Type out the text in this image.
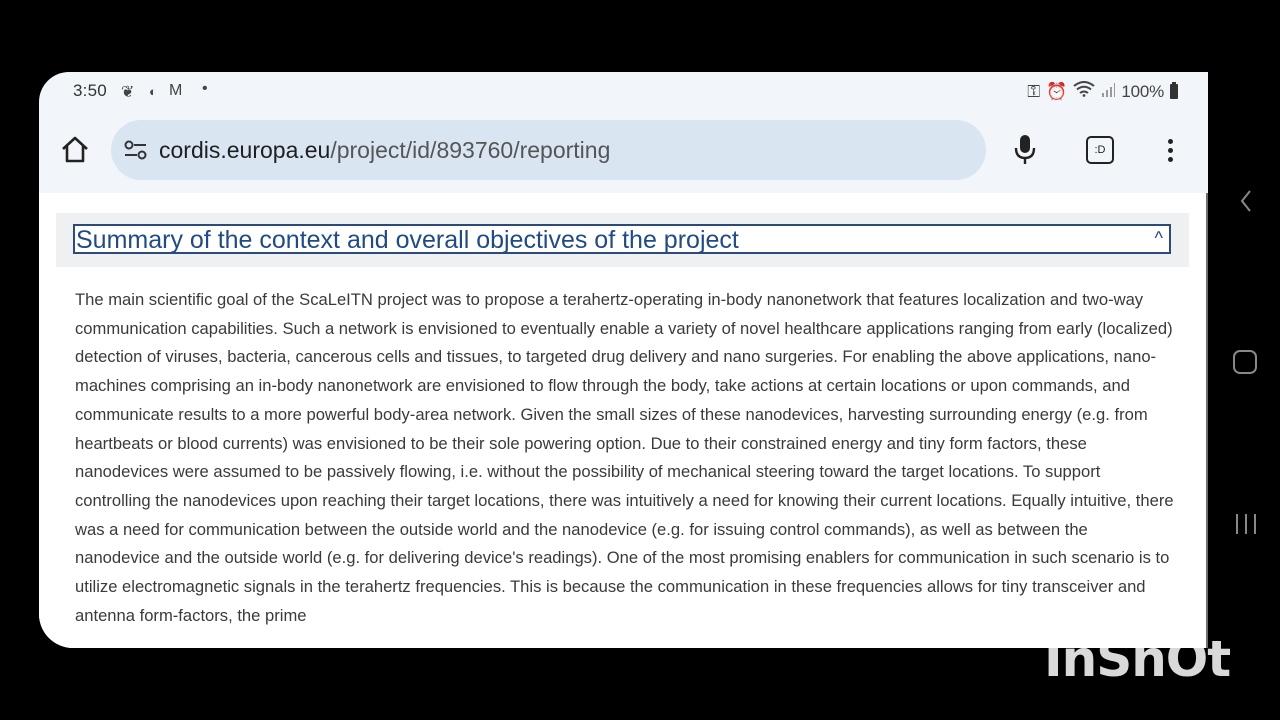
3:50 ❦ ◐ M •	⚿ ⏰	100%
cordis.europa.eu/project/id/893760/reporting	:D
Summary of the context and overall objectives of the project	^

The main scientific goal of the ScaLeITN project was to propose a terahertz-operating in-body nanonetwork that features localization and two-way communication capabilities. Such a network is envisioned to eventually enable a variety of novel healthcare applications ranging from early (localized) detection of viruses, bacteria, cancerous cells and tissues, to targeted drug delivery and nano surgeries. For enabling the above applications, nano-machines comprising an in-body nanonetwork are envisioned to flow through the body, take actions at certain locations or upon commands, and communicate results to a more powerful body-area network. Given the small sizes of these nanodevices, harvesting surrounding energy (e.g. from heartbeats or blood currents) was envisioned to be their sole powering option. Due to their constrained energy and tiny form factors, these nanodevices were assumed to be passively flowing, i.e. without the possibility of mechanical steering toward the target locations. To support controlling the nanodevices upon reaching their target locations, there was intuitively a need for knowing their current locations. Equally intuitive, there was a need for communication between the outside world and the nanodevice (e.g. for issuing control commands), as well as between the nanodevice and the outside world (e.g. for delivering device's readings). One of the most promising enablers for communication in such scenario is to utilize electromagnetic signals in the terahertz frequencies. This is because the communication in these frequencies allows for tiny transceiver and antenna form-factors, the prime

InShOt
